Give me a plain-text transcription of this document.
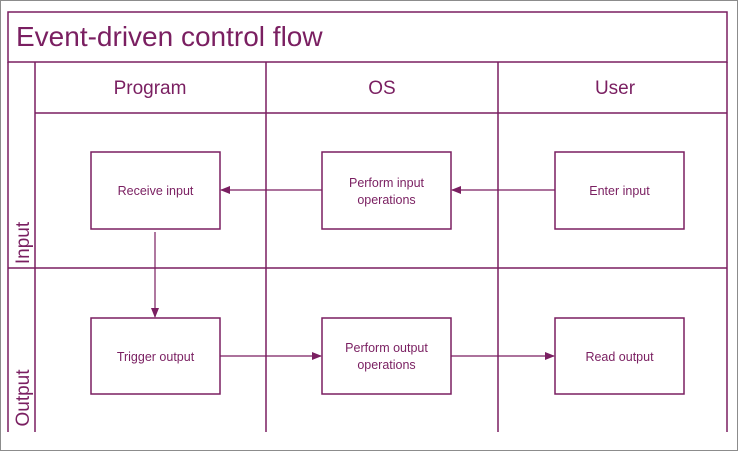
Event-driven control flow
Program	OS	User
Input
Output
Receive input
Perform input
operations
Enter input
Trigger output
Perform output
operations
Read output
